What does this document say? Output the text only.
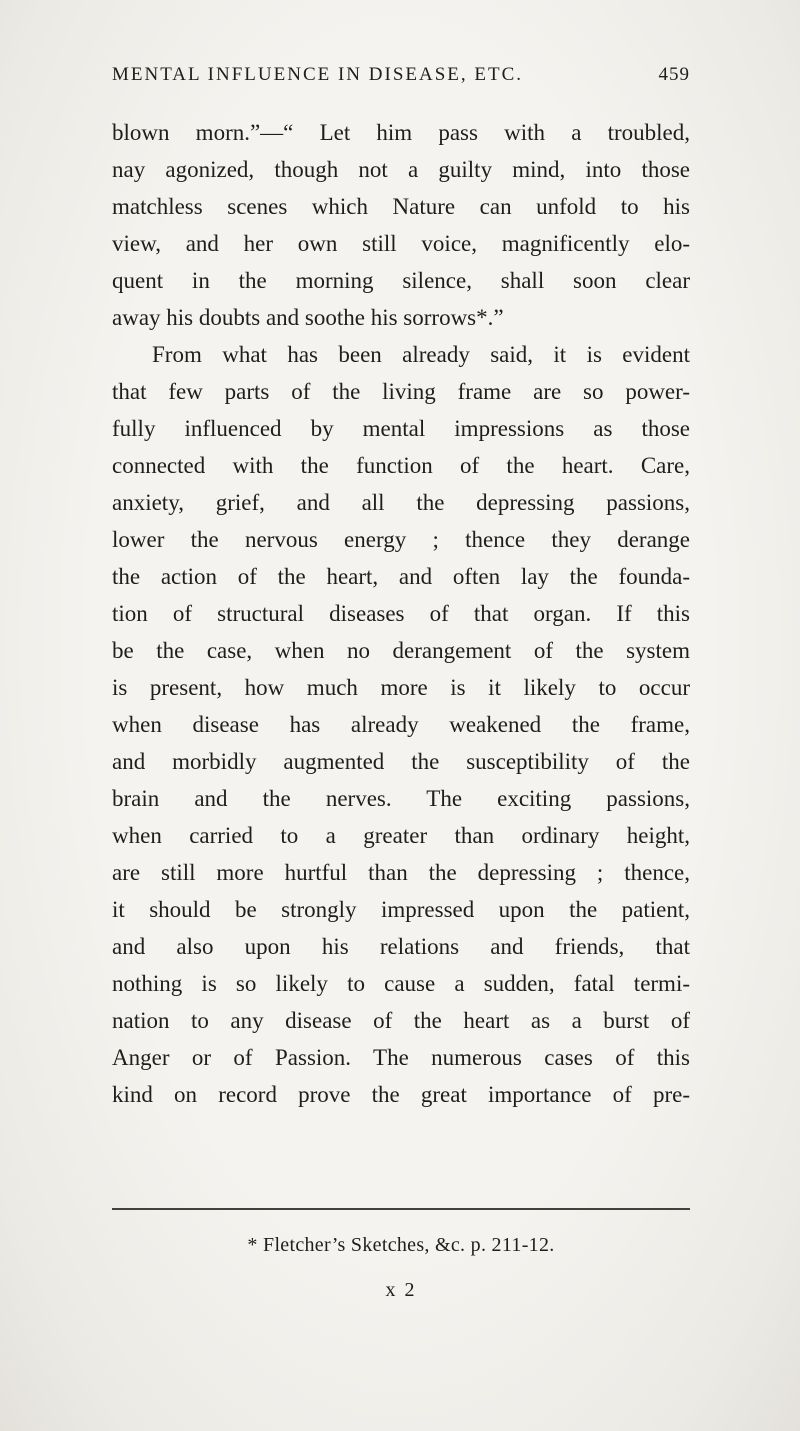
MENTAL INFLUENCE IN DISEASE, ETC.	459
blown morn.”—“ Let him pass with a troubled,
nay agonized, though not a guilty mind, into those
matchless scenes which Nature can unfold to his
view, and her own still voice, magnificently elo-
quent in the morning silence, shall soon clear
away his doubts and soothe his sorrows*.”
From what has been already said, it is evident
that few parts of the living frame are so power-
fully influenced by mental impressions as those
connected with the function of the heart. Care,
anxiety, grief, and all the depressing passions,
lower the nervous energy ; thence they derange
the action of the heart, and often lay the founda-
tion of structural diseases of that organ. If this
be the case, when no derangement of the system
is present, how much more is it likely to occur
when disease has already weakened the frame,
and morbidly augmented the susceptibility of the
brain and the nerves. The exciting passions,
when carried to a greater than ordinary height,
are still more hurtful than the depressing ; thence,
it should be strongly impressed upon the patient,
and also upon his relations and friends, that
nothing is so likely to cause a sudden, fatal termi-
nation to any disease of the heart as a burst of
Anger or of Passion. The numerous cases of this
kind on record prove the great importance of pre-
* Fletcher’s Sketches, &c. p. 211-12.
x 2
